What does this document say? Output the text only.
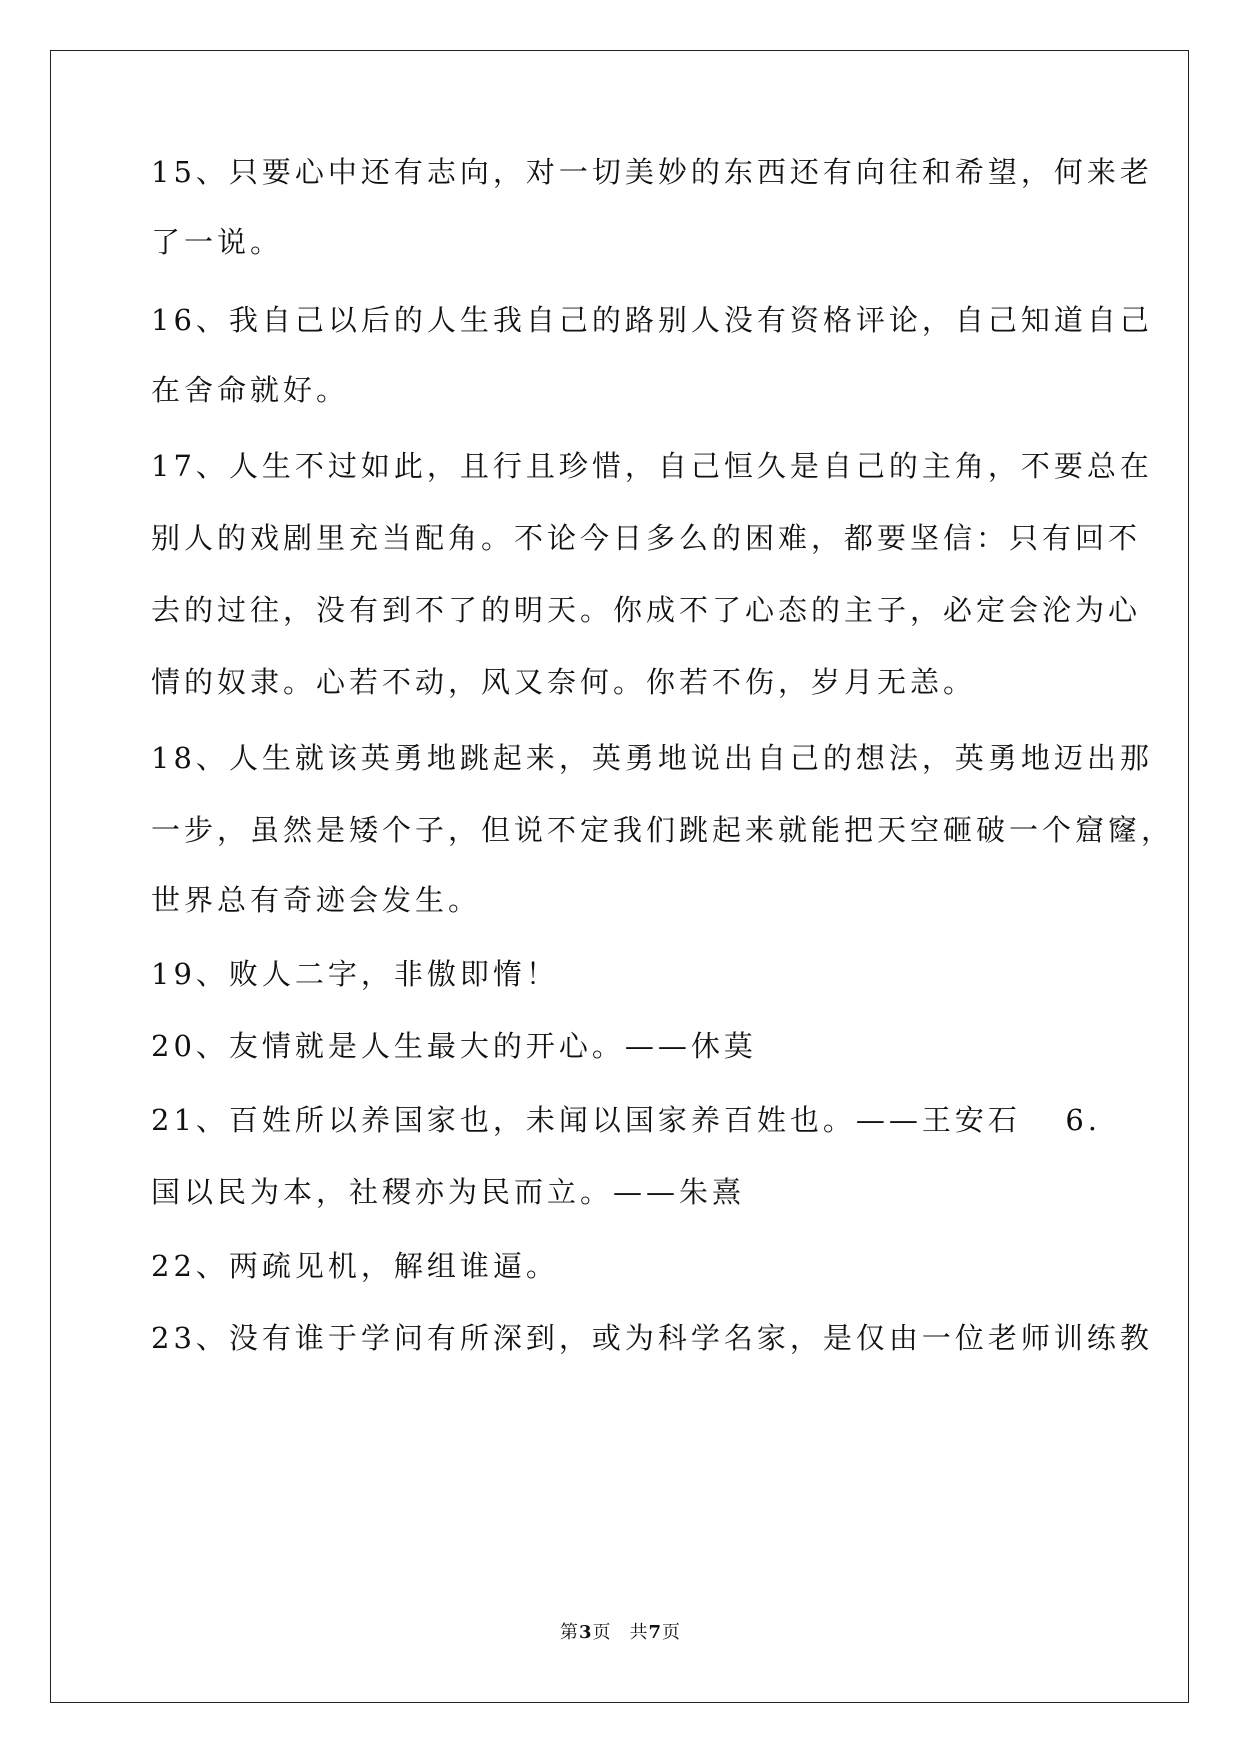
15、只要心中还有志向，对一切美妙的东西还有向往和希望，何来老
了一说。
16、我自己以后的人生我自己的路别人没有资格评论，自己知道自己
在舍命就好。
17、人生不过如此，且行且珍惜，自己恒久是自己的主角，不要总在
别人的戏剧里充当配角。不论今日多么的困难，都要坚信：只有回不
去的过往，没有到不了的明天。你成不了心态的主子，必定会沦为心
情的奴隶。心若不动，风又奈何。你若不伤，岁月无恙。
18、人生就该英勇地跳起来，英勇地说出自己的想法，英勇地迈出那
一步，虽然是矮个子，但说不定我们跳起来就能把天空砸破一个窟窿，
世界总有奇迹会发生。
19、败人二字，非傲即惰！
20、友情就是人生最大的开心。——休莫
21、百姓所以养国家也，未闻以国家养百姓也。——王安石 6.
国以民为本，社稷亦为民而立。——朱熹
22、两疏见机，解组谁逼。
23、没有谁于学问有所深到，或为科学名家，是仅由一位老师训练教
第3页 共7页
